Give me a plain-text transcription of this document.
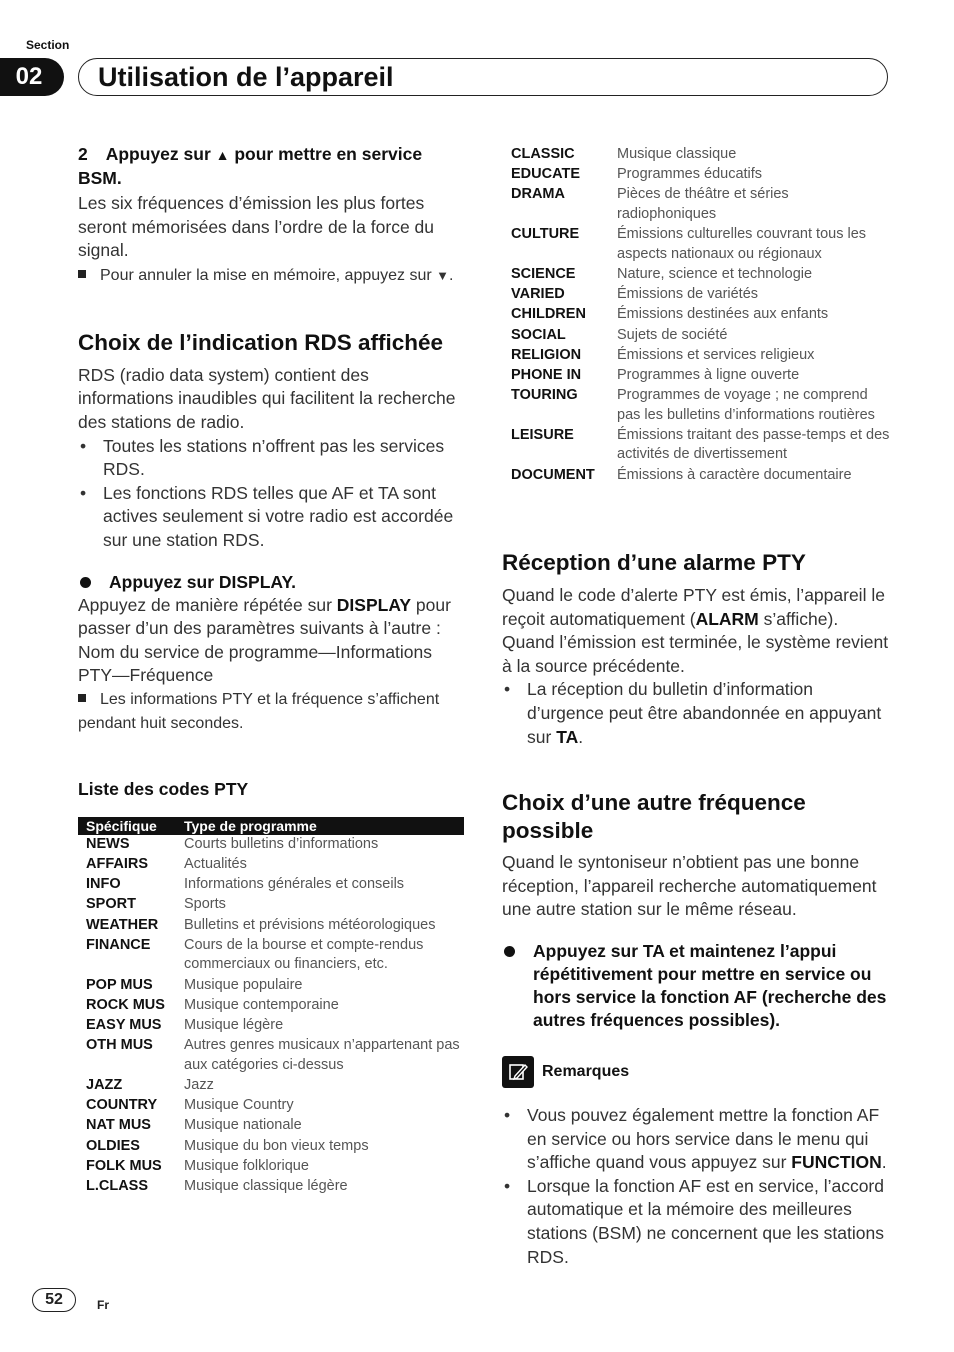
Section
02	Utilisation de l’appareil

2 Appuyez sur ▲ pour mettre en service BSM.

Les six fréquences d’émission les plus fortes seront mémorisées dans l’ordre de la force du signal.

Pour annuler la mise en mémoire, appuyez sur ▼.

Choix de l’indication RDS affichée

RDS (radio data system) contient des informations inaudibles qui facilitent la recherche des stations de radio.

• Toutes les stations n’offrent pas les services RDS.

• Les fonctions RDS telles que AF et TA sont actives seulement si votre radio est accordée sur une station RDS.

Appuyez sur DISPLAY.

Appuyez de manière répétée sur DISPLAY pour passer d’un des paramètres suivants à l’autre :

Nom du service de programme—Informations PTY—Fréquence

Les informations PTY et la fréquence s’affichent pendant huit secondes.

Liste des codes PTY

Spécifique	Type de programme
NEWS	Courts bulletins d’informations
AFFAIRS	Actualités
INFO	Informations générales et conseils
SPORT	Sports
WEATHER	Bulletins et prévisions météorologiques
FINANCE	Cours de la bourse et compte-rendus commerciaux ou financiers, etc.
POP MUS	Musique populaire
ROCK MUS	Musique contemporaine
EASY MUS	Musique légère
OTH MUS	Autres genres musicaux n’appartenant pas aux catégories ci-dessus
JAZZ	Jazz
COUNTRY	Musique Country
NAT MUS	Musique nationale
OLDIES	Musique du bon vieux temps
FOLK MUS	Musique folklorique
L.CLASS	Musique classique légère
CLASSIC	Musique classique
EDUCATE	Programmes éducatifs
DRAMA	Pièces de théâtre et séries radiophoniques
CULTURE	Émissions culturelles couvrant tous les aspects nationaux ou régionaux
SCIENCE	Nature, science et technologie
VARIED	Émissions de variétés
CHILDREN	Émissions destinées aux enfants
SOCIAL	Sujets de société
RELIGION	Émissions et services religieux
PHONE IN	Programmes à ligne ouverte
TOURING	Programmes de voyage ; ne comprend pas les bulletins d’informations routières
LEISURE	Émissions traitant des passe-temps et des activités de divertissement
DOCUMENT	Émissions à caractère documentaire

Réception d’une alarme PTY

Quand le code d’alerte PTY est émis, l’appareil le reçoit automatiquement (ALARM s’affiche). Quand l’émission est terminée, le système revient à la source précédente.

• La réception du bulletin d’information d’urgence peut être abandonnée en appuyant sur TA.

Choix d’une autre fréquence possible

Quand le syntoniseur n’obtient pas une bonne réception, l’appareil recherche automatiquement une autre station sur le même réseau.

Appuyez sur TA et maintenez l’appui répétitivement pour mettre en service ou hors service la fonction AF (recherche des autres fréquences possibles).

Remarques

• Vous pouvez également mettre la fonction AF en service ou hors service dans le menu qui s’affiche quand vous appuyez sur FUNCTION.

• Lorsque la fonction AF est en service, l’accord automatique et la mémoire des meilleures stations (BSM) ne concernent que les stations RDS.

52	Fr
